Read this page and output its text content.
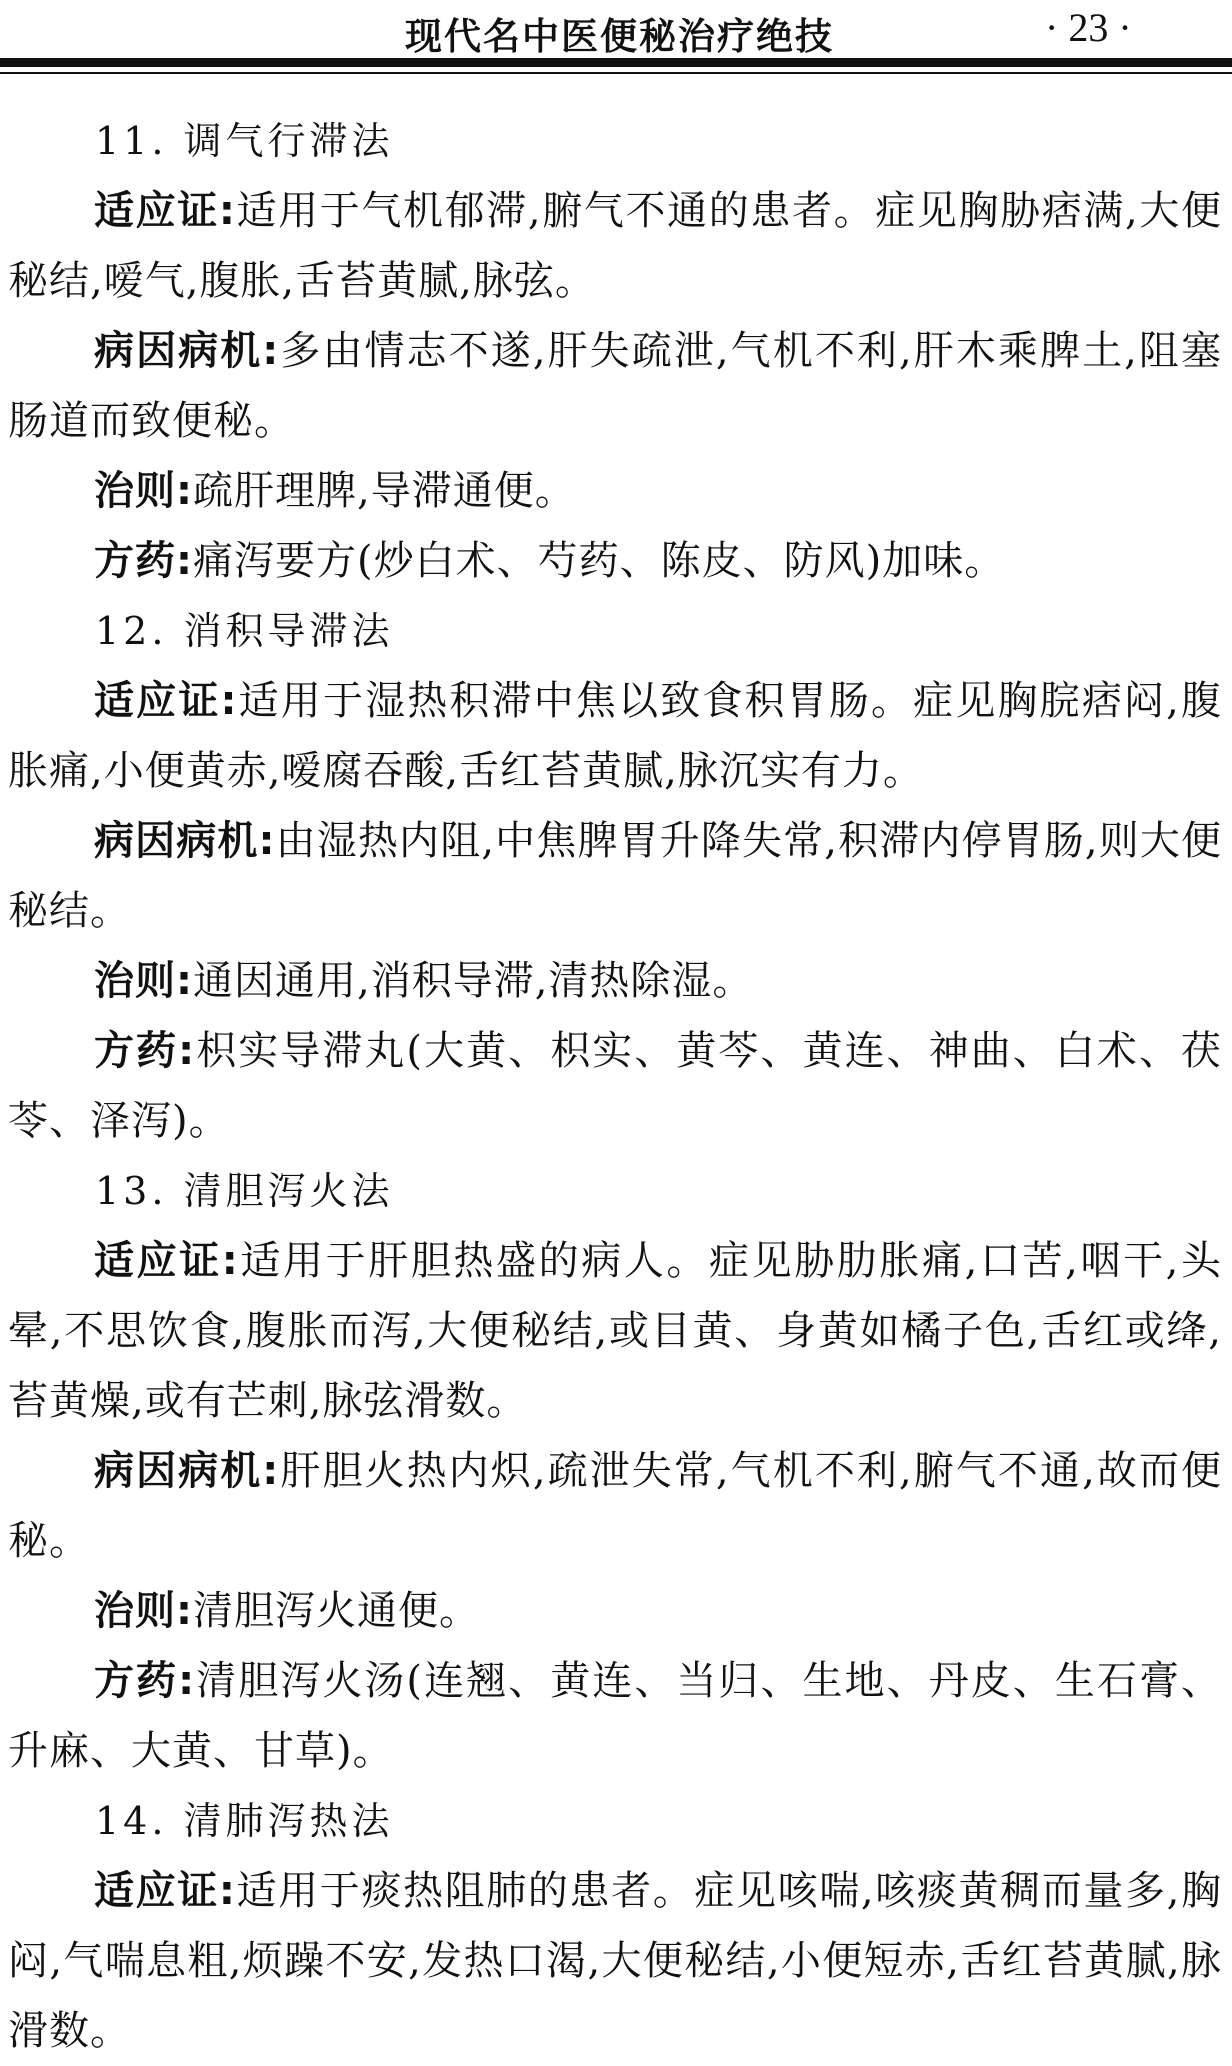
现代名中医便秘治疗绝技	· 23 ·
11. 调气行滞法
适应证:适用于气机郁滞,腑气不通的患者。症见胸胁痞满,大便秘结,嗳气,腹胀,舌苔黄腻,脉弦。
病因病机:多由情志不遂,肝失疏泄,气机不利,肝木乘脾土,阻塞肠道而致便秘。
治则:疏肝理脾,导滞通便。
方药:痛泻要方(炒白术、芍药、陈皮、防风)加味。
12. 消积导滞法
适应证:适用于湿热积滞中焦以致食积胃肠。症见胸脘痞闷,腹胀痛,小便黄赤,嗳腐吞酸,舌红苔黄腻,脉沉实有力。
病因病机:由湿热内阻,中焦脾胃升降失常,积滞内停胃肠,则大便秘结。
治则:通因通用,消积导滞,清热除湿。
方药:枳实导滞丸(大黄、枳实、黄芩、黄连、神曲、白术、茯苓、泽泻)。
13. 清胆泻火法
适应证:适用于肝胆热盛的病人。症见胁肋胀痛,口苦,咽干,头晕,不思饮食,腹胀而泻,大便秘结,或目黄、身黄如橘子色,舌红或绛,苔黄燥,或有芒刺,脉弦滑数。
病因病机:肝胆火热内炽,疏泄失常,气机不利,腑气不通,故而便秘。
治则:清胆泻火通便。
方药:清胆泻火汤(连翘、黄连、当归、生地、丹皮、生石膏、升麻、大黄、甘草)。
14. 清肺泻热法
适应证:适用于痰热阻肺的患者。症见咳喘,咳痰黄稠而量多,胸闷,气喘息粗,烦躁不安,发热口渴,大便秘结,小便短赤,舌红苔黄腻,脉滑数。
